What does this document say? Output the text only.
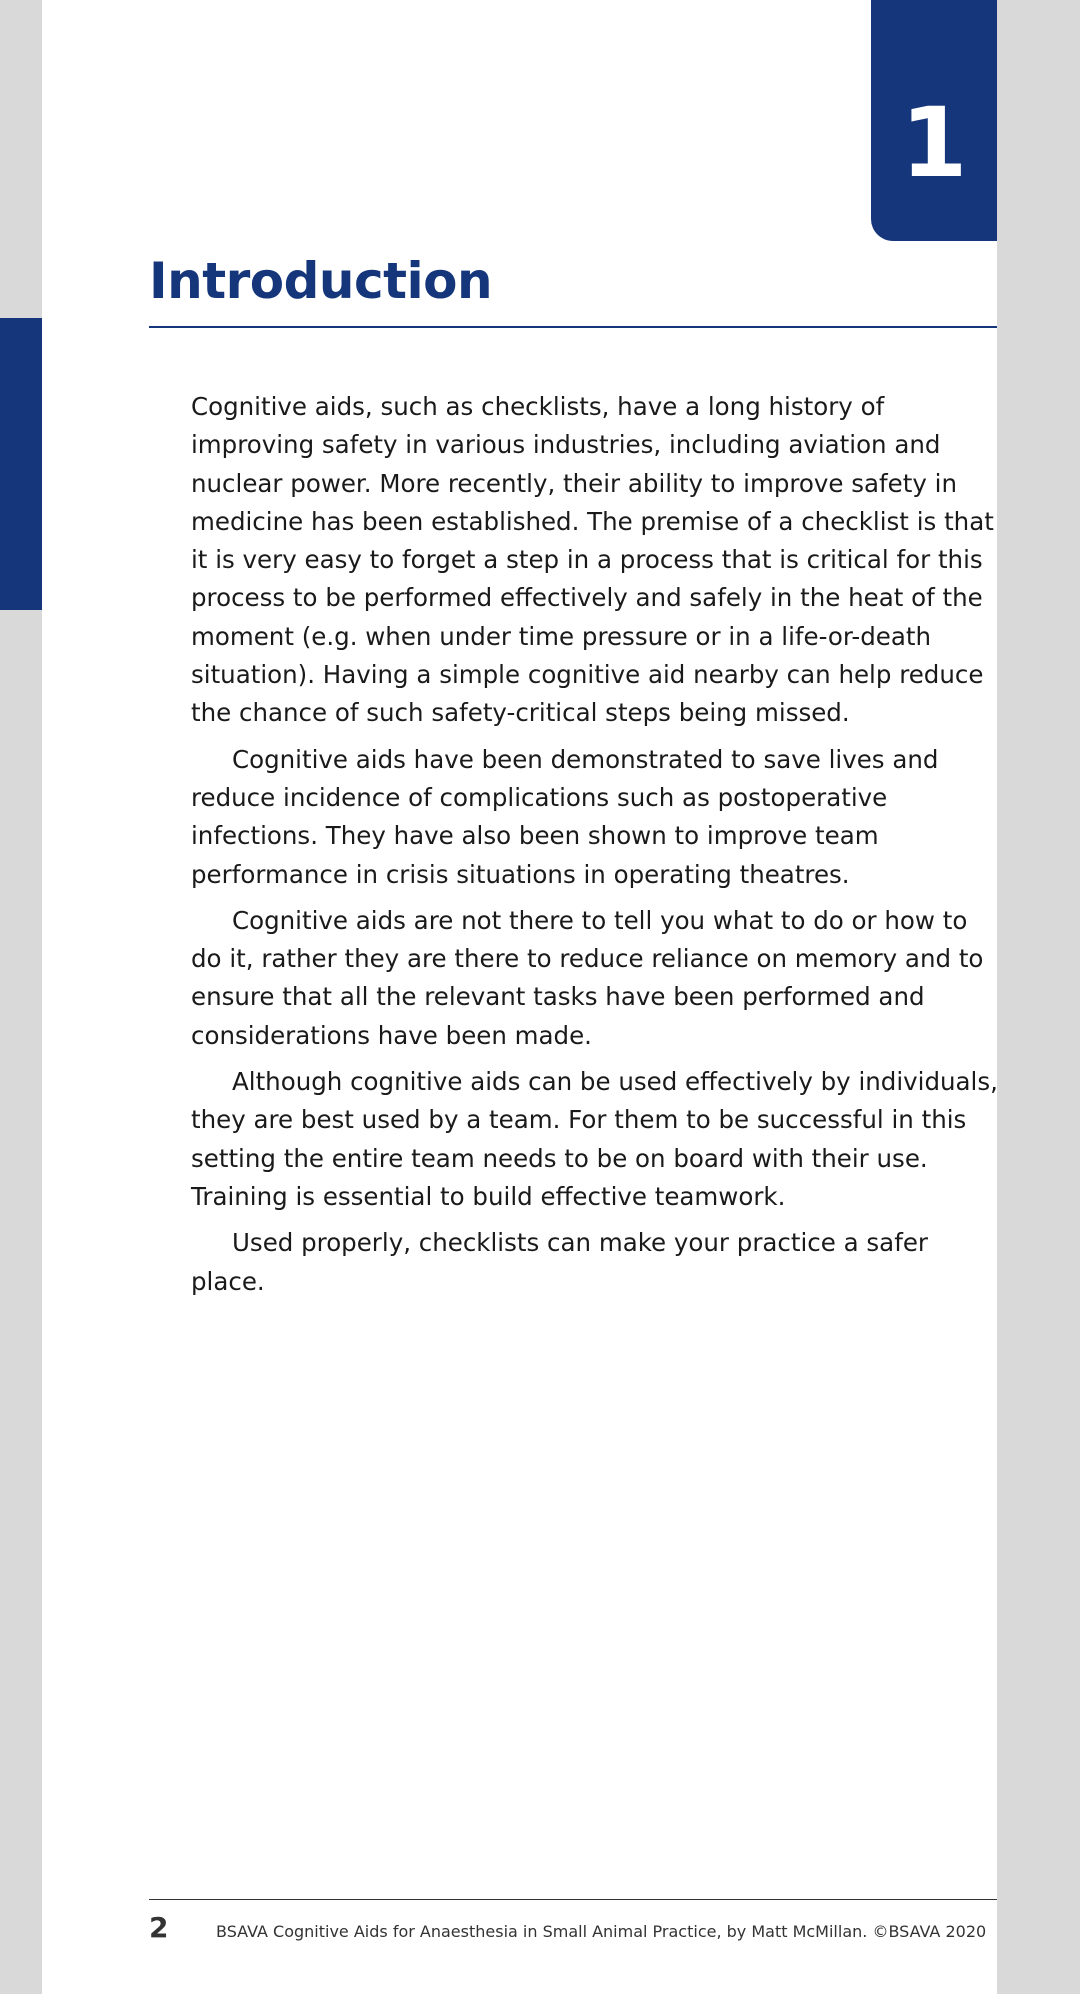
1
Introduction

Cognitive aids, such as checklists, have a long history of improving safety in various industries, including aviation and nuclear power. More recently, their ability to improve safety in medicine has been established. The premise of a checklist is that it is very easy to forget a step in a process that is critical for this process to be performed effectively and safely in the heat of the moment (e.g. when under time pressure or in a life-or-death situation). Having a simple cognitive aid nearby can help reduce the chance of such safety-critical steps being missed.

Cognitive aids have been demonstrated to save lives and reduce incidence of complications such as postoperative infections. They have also been shown to improve team performance in crisis situations in operating theatres.

Cognitive aids are not there to tell you what to do or how to do it, rather they are there to reduce reliance on memory and to ensure that all the relevant tasks have been performed and considerations have been made.

Although cognitive aids can be used effectively by individuals, they are best used by a team. For them to be successful in this setting the entire team needs to be on board with their use. Training is essential to build effective teamwork.

Used properly, checklists can make your practice a safer place.

2	BSAVA Cognitive Aids for Anaesthesia in Small Animal Practice, by Matt McMillan. ©BSAVA 2020
Section 1
Section 2
Section 3
